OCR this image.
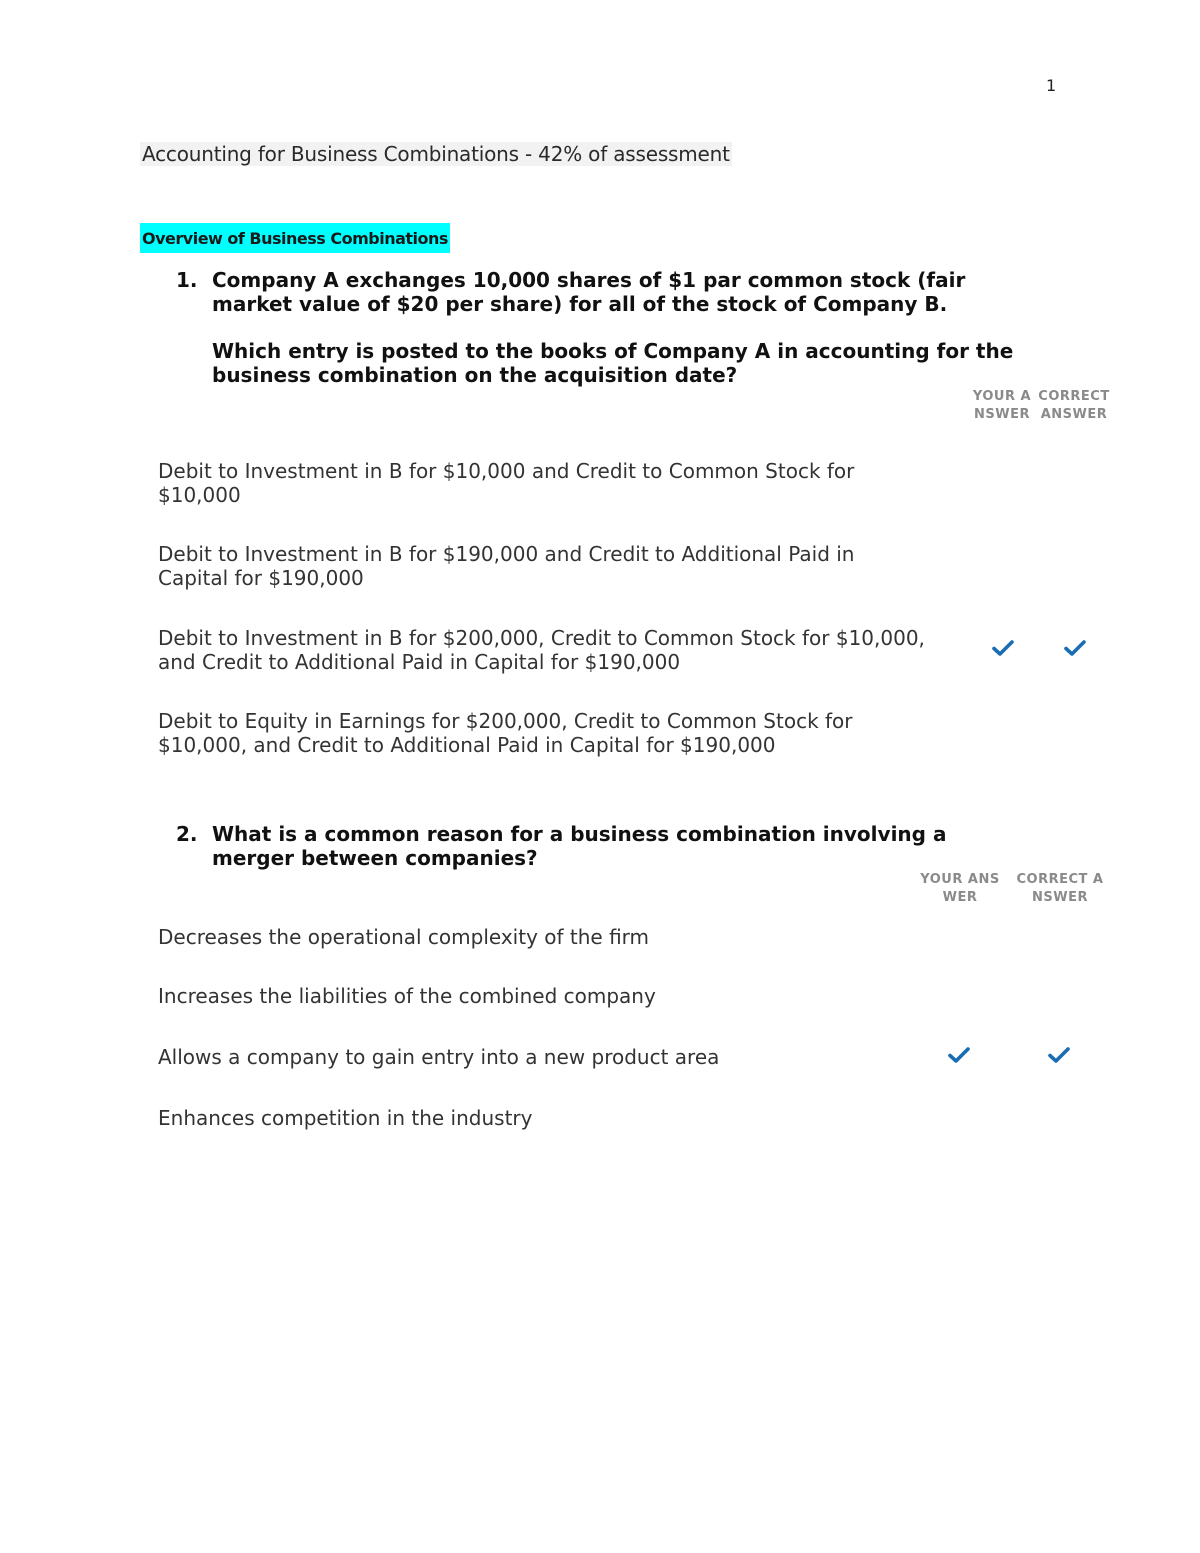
1

Accounting for Business Combinations - 42% of assessment

Overview of Business Combinations

1. Company A exchanges 10,000 shares of $1 par common stock (fair market value of $20 per share) for all of the stock of Company B.

Which entry is posted to the books of Company A in accounting for the business combination on the acquisition date?

YOUR ANSWER
CORRECT ANSWER

Debit to Investment in B for $10,000 and Credit to Common Stock for $10,000

Debit to Investment in B for $190,000 and Credit to Additional Paid in Capital for $190,000

Debit to Investment in B for $200,000, Credit to Common Stock for $10,000, and Credit to Additional Paid in Capital for $190,000

Debit to Equity in Earnings for $200,000, Credit to Common Stock for $10,000, and Credit to Additional Paid in Capital for $190,000

2. What is a common reason for a business combination involving a merger between companies?

YOUR ANSWER
CORRECT ANSWER

Decreases the operational complexity of the firm

Increases the liabilities of the combined company

Allows a company to gain entry into a new product area

Enhances competition in the industry
